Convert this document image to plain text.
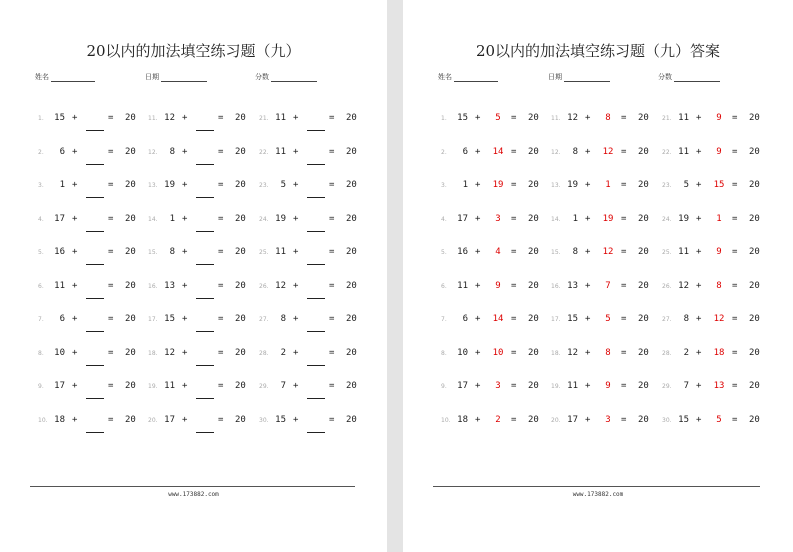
20以内的加法填空练习题（九）
姓名	日期	分数
1.	15 +	= 20
2.	6 +	= 20
3.	1 +	= 20
4.	17 +	= 20
5.	16 +	= 20
6.	11 +	= 20
7.	6 +	= 20
8.	10 +	= 20
9.	17 +	= 20
10. 18 +	= 20
11. 12 +	= 20
12.	8 +	= 20
13. 19 +	= 20
14.	1 +	= 20
15.	8 +	= 20
16. 13 +	= 20
17. 15 +	= 20
18. 12 +	= 20
19. 11 +	= 20
20. 17 +	= 20
21. 11 +	= 20
22. 11 +	= 20
23.	5 +	= 20
24. 19 +	= 20
25. 11 +	= 20
26. 12 +	= 20
27.	8 +	= 20
28.	2 +	= 20
29.	7 +	= 20
30. 15 +	= 20
www.173882.com
20以内的加法填空练习题（九）答案
姓名	日期	分数
1.	15 +	5	= 20
2.	6 +	14 = 20
3.	1 +	19 = 20
4.	17 +	3	= 20
5.	16 +	4	= 20
6.	11 +	9	= 20
7.	6 +	14 = 20
8.	10 +	10 = 20
9.	17 +	3	= 20
10. 18 +	2	= 20
11. 12 +	8	= 20
12.	8 +	12 = 20
13. 19 +	1	= 20
14.	1 +	19 = 20
15.	8 +	12 = 20
16. 13 +	7	= 20
17. 15 +	5	= 20
18. 12 +	8	= 20
19. 11 +	9	= 20
20. 17 +	3	= 20
21. 11 +	9	= 20
22. 11 +	9	= 20
23.	5 +	15 = 20
24. 19 +	1	= 20
25. 11 +	9	= 20
26. 12 +	8	= 20
27.	8 +	12 = 20
28.	2 +	18 = 20
29.	7 +	13 = 20
30. 15 +	5	= 20
www.173882.com
